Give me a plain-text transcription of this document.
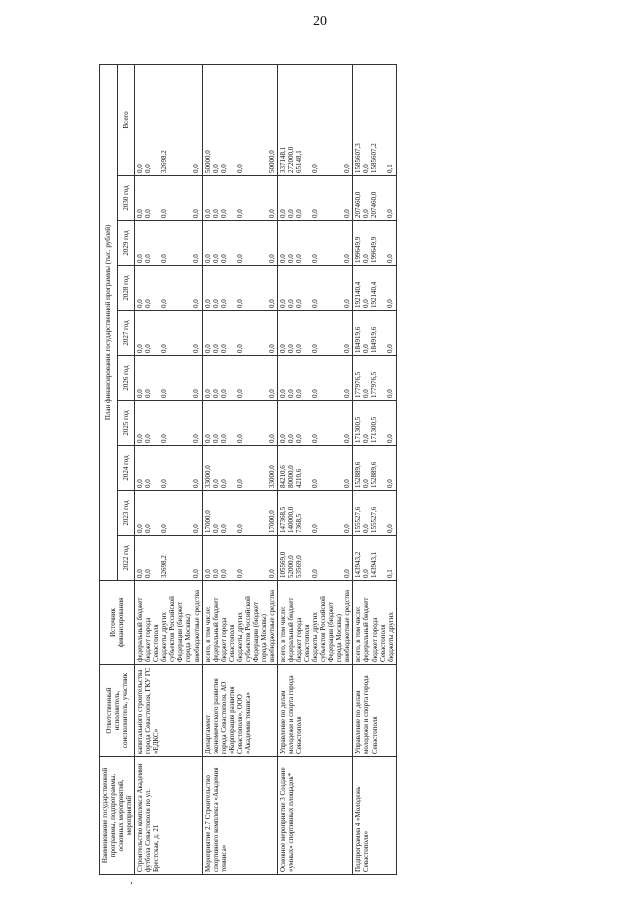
20
Наименование государственной программы, подпрограммы, основных мероприятий, мероприятий	Ответственный исполнитель, соисполнитель, участник	Источник финансирования	План финансирования государственной программы (тыс. рублей)									
			2022 год	2023 год	2024 год	2025 год	2026 год	2027 год	2028 год	2029 год	2030 год	Всего
Строительство комплекса Академии футбола Севастополя по ул. Брестская, д. 21	капитального строительства города Севастополя, ГКУ ГС «ЕДКС»	федеральный бюджет бюджет города Севастополя бюджеты других субъектов Российской Федерации (бюджет города Москвы) внебюджетные средства	0,0 0,0 32698,2 0,0	0,0 0,0 0,0 0,0	0,0 0,0 0,0 0,0	0,0 0,0 0,0 0,0	0,0 0,0 0,0 0,0	0,0 0,0 0,0 0,0	0,0 0,0 0,0 0,0	0,0 0,0 0,0 0,0	0,0 0,0 0,0 0,0	0,0 0,0 32698,2 0,0

Мероприятие 2.7 Строительство спортивного комплекса «Академия тенниса»	Департамент экономического развития города Севастополя, АО «Корпорация развития Севастополя», ООО «Академия тенниса»	всего, в том числе: федеральный бюджет бюджет города Севастополя бюджеты других субъектов Российской Федерации (бюджет города Москвы) внебюджетные средства	0,0 0,0 0,0 0,0 0,0	17000,0 0,0 0,0 0,0 17000,0	33000,0 0,0 0,0 0,0 33000,0	0,0 0,0 0,0 0,0 0,0	0,0 0,0 0,0 0,0 0,0	0,0 0,0 0,0 0,0 0,0	0,0 0,0 0,0 0,0 0,0	0,0 0,0 0,0 0,0 0,0	0,0 0,0 0,0 0,0 0,0	50000,0 0,0 0,0 0,0 50000,0

Основное мероприятие 3 Создание «умных» спортивных площадок*	Управление по делам молодежи и спорта города Севастополя	всего, в том числе: федеральный бюджет бюджет города Севастополя бюджеты других субъектов Российской Федерации (бюджет города Москвы) внебюджетные средства	105569,0 52000,0 53569,0 0,0 0,0	147368,5 140000,0 7368,5 0,0 0,0	84210,6 80000,0 4210,6 0,0 0,0	0,0 0,0 0,0 0,0 0,0	0,0 0,0 0,0 0,0 0,0	0,0 0,0 0,0 0,0 0,0	0,0 0,0 0,0 0,0 0,0	0,0 0,0 0,0 0,0 0,0	0,0 0,0 0,0 0,0 0,0	337148,1 272000,0 65148,1 0,0 0,0

Подпрограмма 4 «Молодежь Севастополя»	Управление по делам молодежи и спорта города Севастополя	всего, в том числе: федеральный бюджет бюджет города Севастополя бюджеты других	143943,2 0,0 143943,1 0,1	155527,6 0,0 155527,6 0,0	152889,6 0,0 152889,6 0,0	171300,5 0,0 171300,5 0,0	177976,5 0,0 177976,5 0,0	184919,6 0,0 184919,6 0,0	192140,4 0,0 192140,4 0,0	199649,9 0,0 199649,9 0,0	207460,0 0,0 207460,0 0,0	1585607,3 0,0 1585607,2 0,1
ʻ
